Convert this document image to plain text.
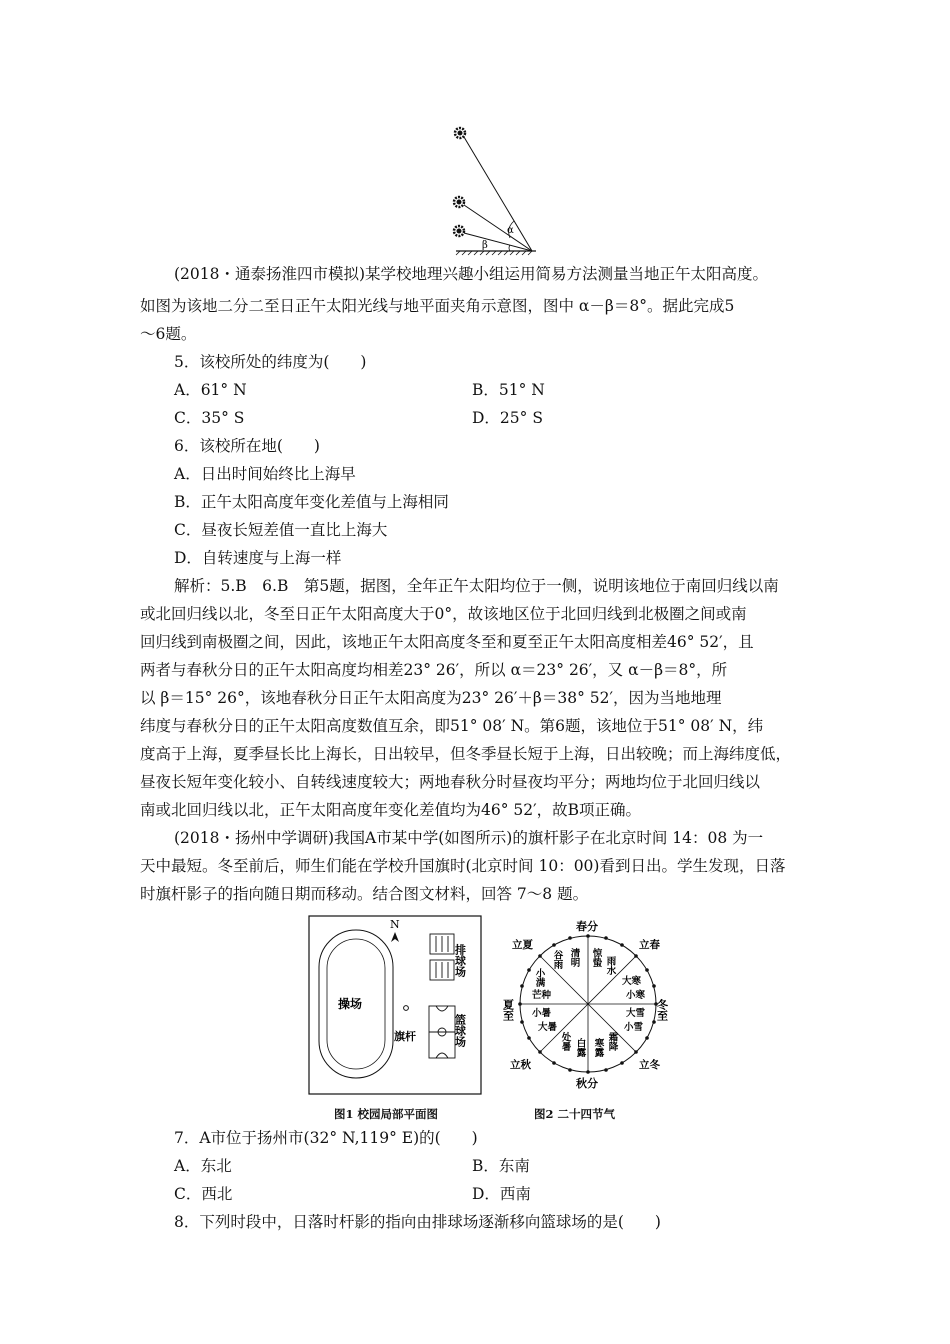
α
β
(2018・通泰扬淮四市模拟)某学校地理兴趣小组运用简易方法测量当地正午太阳高度。
如图为该地二分二至日正午太阳光线与地平面夹角示意图，图中 α－β＝8°。据此完成5
～6题。
5．该校所处的纬度为(　　)
A．61° N	B．51° N
C．35° S	D．25° S
6．该校所在地(　　)
A．日出时间始终比上海早
B．正午太阳高度年变化差值与上海相同
C．昼夜长短差值一直比上海大
D．自转速度与上海一样
解析：5.B　6.B　第5题，据图，全年正午太阳均位于一侧，说明该地位于南回归线以南
或北回归线以北，冬至日正午太阳高度大于0°，故该地区位于北回归线到北极圈之间或南
回归线到南极圈之间，因此，该地正午太阳高度冬至和夏至正午太阳高度相差46° 52′，且
两者与春秋分日的正午太阳高度均相差23° 26′，所以 α＝23° 26′，又 α－β＝8°，所
以 β＝15° 26°，该地春秋分日正午太阳高度为23° 26′＋β＝38° 52′，因为当地地理
纬度与春秋分日的正午太阳高度数值互余，即51° 08′ N。第6题，该地位于51° 08′ N，纬
度高于上海，夏季昼长比上海长，日出较早，但冬季昼长短于上海，日出较晚；而上海纬度低，
昼夜长短年变化较小、自转线速度较大；两地春秋分时昼夜均平分；两地均位于北回归线以
南或北回归线以北，正午太阳高度年变化差值均为46° 52′，故B项正确。
(2018・扬州中学调研)我国A市某中学(如图所示)的旗杆影子在北京时间 14：08 为一
天中最短。冬至前后，师生们能在学校升国旗时(北京时间 10：00)看到日出。学生发现，日落
时旗杆影子的指向随日期而移动。结合图文材料，回答 7～8 题。
操场
N
旗杆
排球场
篮球场
图1 校园局部平面图
春分
秋分
夏至	冬至
立夏	立春
立秋	立冬
惊蛰 雨水
大寒
小寒
大雪
小雪
霜降
寒露
白露
处暑
大暑
小暑
芒种
小满
谷雨 清明
图2 二十四节气
7．A市位于扬州市(32° N,119° E)的(　　)
A．东北	B．东南
C．西北	D．西南
8．下列时段中，日落时杆影的指向由排球场逐渐移向篮球场的是(　　)
